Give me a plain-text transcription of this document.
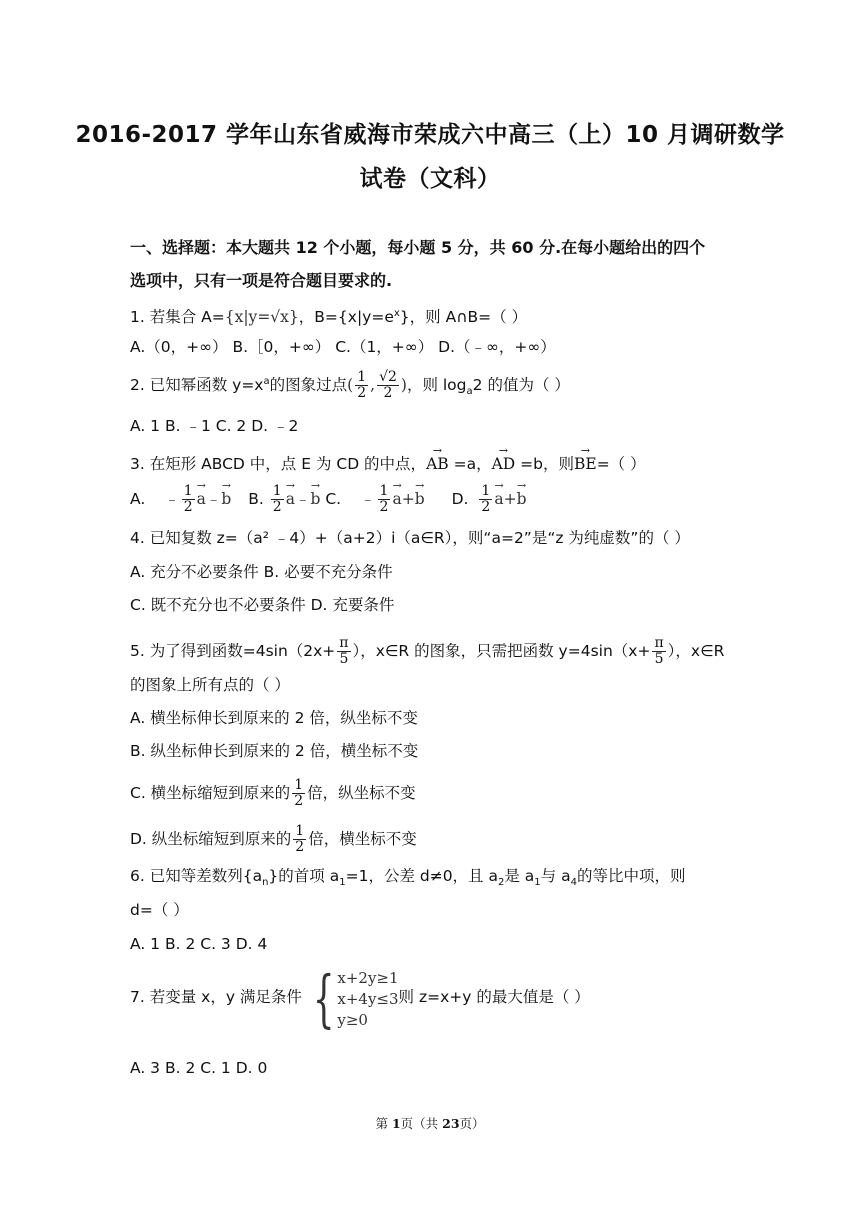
2016-2017 学年山东省威海市荣成六中高三（上）10 月调研数学
试卷（文科）
一、选择题：本大题共 12 个小题，每小题 5 分，共 60 分.在每小题给出的四个
选项中，只有一项是符合题目要求的.
1. 若集合 A={x|y=√x}，$B=\{x|y=e^x\}$，则 A∩B=（ ）
A.（0，+∞） B.［0，+∞） C.（1，+∞） D.（﹣∞，+∞）
2. 已知幂函数 $y=x^a$的图象过点( $\frac{1}{2}$ , $\frac{√2}{2}$ )，则 $\log_a2$ 的值为（ ）
A. 1 B. ﹣1 C. 2 D. ﹣2
3. 在矩形 ABCD 中，点 E 为 CD 的中点，→ AB =a，→ AD =b，则→ BE=（ ）
A. ﹣ $\frac{1}{2}$
→ a﹣→ b B. $\frac{1}{2}$
→ a﹣→ b C. ﹣ $\frac{1}{2}$
→ a+→ b D. $\frac{1}{2}$
→ a+→ b
4. 已知复数 z=（a² ﹣4）+（a+2）i（a∈R），则“a=2”是“z 为纯虚数”的（ ）
A. 充分不必要条件 B. 必要不充分条件
C. 既不充分也不必要条件 D. 充要条件
5. 为了得到函数$=4\sin(2x+ \frac{\pi}{5}$ ），x∈R 的图象，只需把函数 $y=4\sin(x+ \frac{\pi}{5}$ ），x∈R
的图象上所有点的（ ）
A. 横坐标伸长到原来的 2 倍，纵坐标不变
B. 纵坐标伸长到原来的 2 倍，横坐标不变
C. 横坐标缩短到原来的 $\frac{1}{2}$ 倍，纵坐标不变
D. 纵坐标缩短到原来的 $\frac{1}{2}$ 倍，横坐标不变
6. 已知等差数列$\{a_n\}$的首项 $a_1=1$，公差 d≠0，且 $a_2$是 $a_1$与 $a_4$的等比中项，则
d=（ ）
A. 1 B. 2 C. 3 D. 4
7. 若变量 x，y 满足条件 { x+2y≥1
x+4y≤3
y≥0
则 z=x+y 的最大值是（ ）
A. 3 B. 2 C. 1 D. 0
第 1页（共 23页）
